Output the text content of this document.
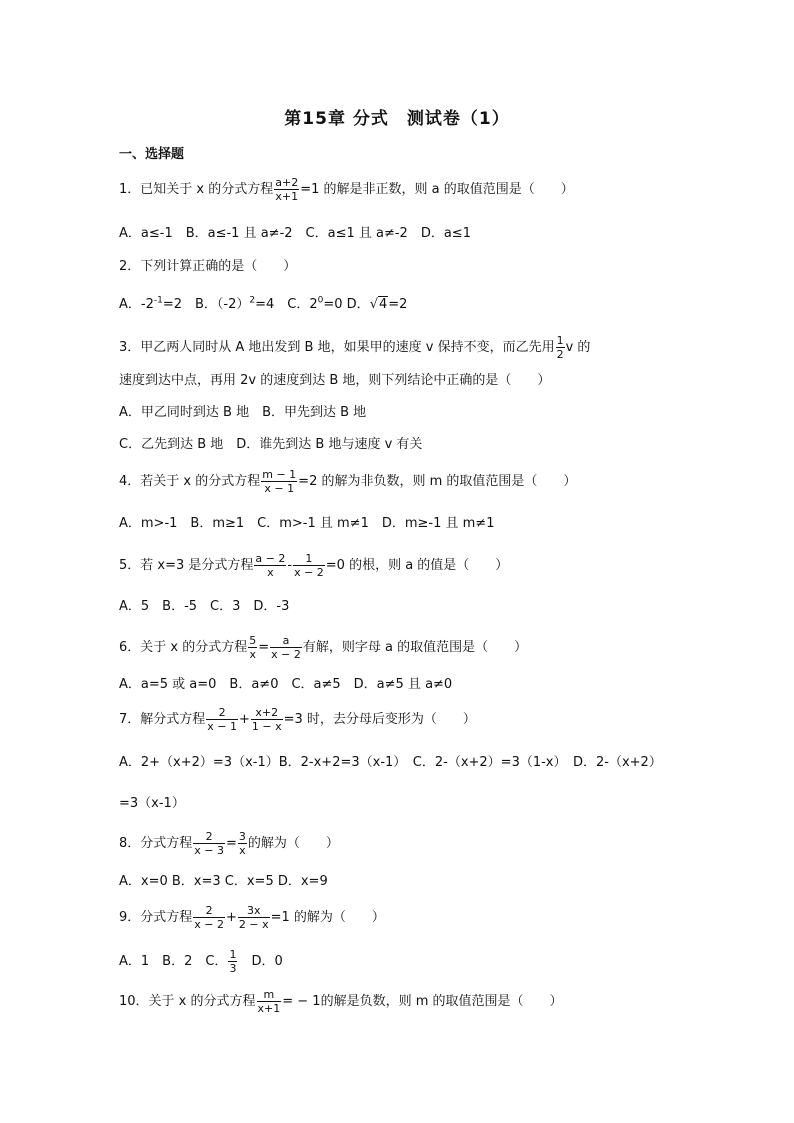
第15章 分式　测试卷（1）
一、选择题
1．已知关于 x 的分式方程 $\frac{a+2}{x+1} =1$ 的解是非正数，则 a 的取值范围是（　　）
A．a≤-1　B．a≤-1 且 a≠-2　C．a≤1 且 a≠-2　D．a≤1
2．下列计算正确的是（　　）
A．$-2^{-1}=2$　B．$(-2)^2=4$　C．$2^0=0$ D．√4=2
3．甲乙两人同时从 A 地出发到 B 地，如果甲的速度 v 保持不变，而乙先用 $\frac{1}{2}$ v 的
速度到达中点，再用 2v 的速度到达 B 地，则下列结论中正确的是（　　）
A．甲乙同时到达 B 地　B．甲先到达 B 地
C．乙先到达 B 地　D．谁先到达 B 地与速度 v 有关
4．若关于 x 的分式方程 $\frac{m - 1}{x - 1} =2$ 的解为非负数，则 m 的取值范围是（　　）
A．m>-1　B．m≥1　C．m>-1 且 m≠1　D．m≥-1 且 m≠1
5．若 x=3 是分式方程 $\frac{a - 2}{x} - \frac{1}{x - 2} =0$ 的根，则 a 的值是（　　）
A．5　B．-5　C．3　D．-3
6．关于 x 的分式方程 $\frac{5}{x} = \frac{a}{x - 2}$ 有解，则字母 a 的取值范围是（　　）
A．a=5 或 a=0　B．a≠0　C．a≠5　D．a≠5 且 a≠0
7．解分式方程 $\frac{2}{x - 1} + \frac{x+2}{1 - x} =3$ 时，去分母后变形为（　　）
A．2+（x+2）=3（x-1）B．2-x+2=3（x-1）　C．2-（x+2）=3（1-x）　D．2-（x+2）
=3（x-1）
8．分式方程 $\frac{2}{x - 3} = \frac{3}{x}$ 的解为（　　）
A．x=0 B．x=3 C．x=5 D．x=9
9．分式方程 $\frac{2}{x - 2} + \frac{3x}{2 - x} =1$ 的解为（　　）
A．1　B．2　C． $\frac{1}{3}$ 　D．0
10．关于 x 的分式方程 $\frac{m}{x+1}$ = − 1的解是负数，则 m 的取值范围是（　　）
